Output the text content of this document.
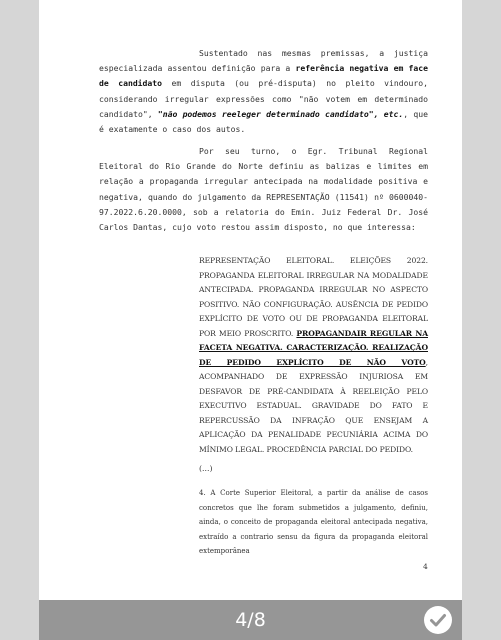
Sustentado nas mesmas premissas, a justiça especializada assentou definição para a referência negativa em face de candidato em disputa (ou pré-disputa) no pleito vindouro, considerando irregular expressões como "não votem em determinado candidato", "não podemos reeleger determinado candidato", etc., que é exatamente o caso dos autos.

Por seu turno, o Egr. Tribunal Regional Eleitoral do Rio Grande do Norte definiu as balizas e limites em relação a propaganda irregular antecipada na modalidade positiva e negativa, quando do julgamento da REPRESENTAÇÃO (11541) nº 0600040-97.2022.6.20.0000, sob a relatoria do Emin. Juiz Federal Dr. José Carlos Dantas, cujo voto restou assim disposto, no que interessa:

REPRESENTAÇÃO ELEITORAL. ELEIÇÕES 2022. PROPAGANDA ELEITORAL IRREGULAR NA MODALIDADE ANTECIPADA. PROPAGANDA IRREGULAR NO ASPECTO POSITIVO. NÃO CONFIGURAÇÃO. AUSÊNCIA DE PEDIDO EXPLÍCITO DE VOTO OU DE PROPAGANDA ELEITORAL POR MEIO PROSCRITO. PROPAGANDAIR REGULAR NA FACETA NEGATIVA. CARACTERIZAÇÃO. REALIZAÇÃO DE PEDIDO EXPLÍCITO DE NÃO VOTO, ACOMPANHADO DE EXPRESSÃO INJURIOSA EM DESFAVOR DE PRÉ-CANDIDATA À REELEIÇÃO PELO EXECUTIVO ESTADUAL. GRAVIDADE DO FATO E REPERCUSSÃO DA INFRAÇÃO QUE ENSEJAM A APLICAÇÃO DA PENALIDADE PECUNIÁRIA ACIMA DO MÍNIMO LEGAL. PROCEDÊNCIA PARCIAL DO PEDIDO.

(...)

4. A Corte Superior Eleitoral, a partir da análise de casos concretos que lhe foram submetidos a julgamento, definiu, ainda, o conceito de propaganda eleitoral antecipada negativa, extraído a contrario sensu da figura da propaganda eleitoral extemporânea

4

4/8
